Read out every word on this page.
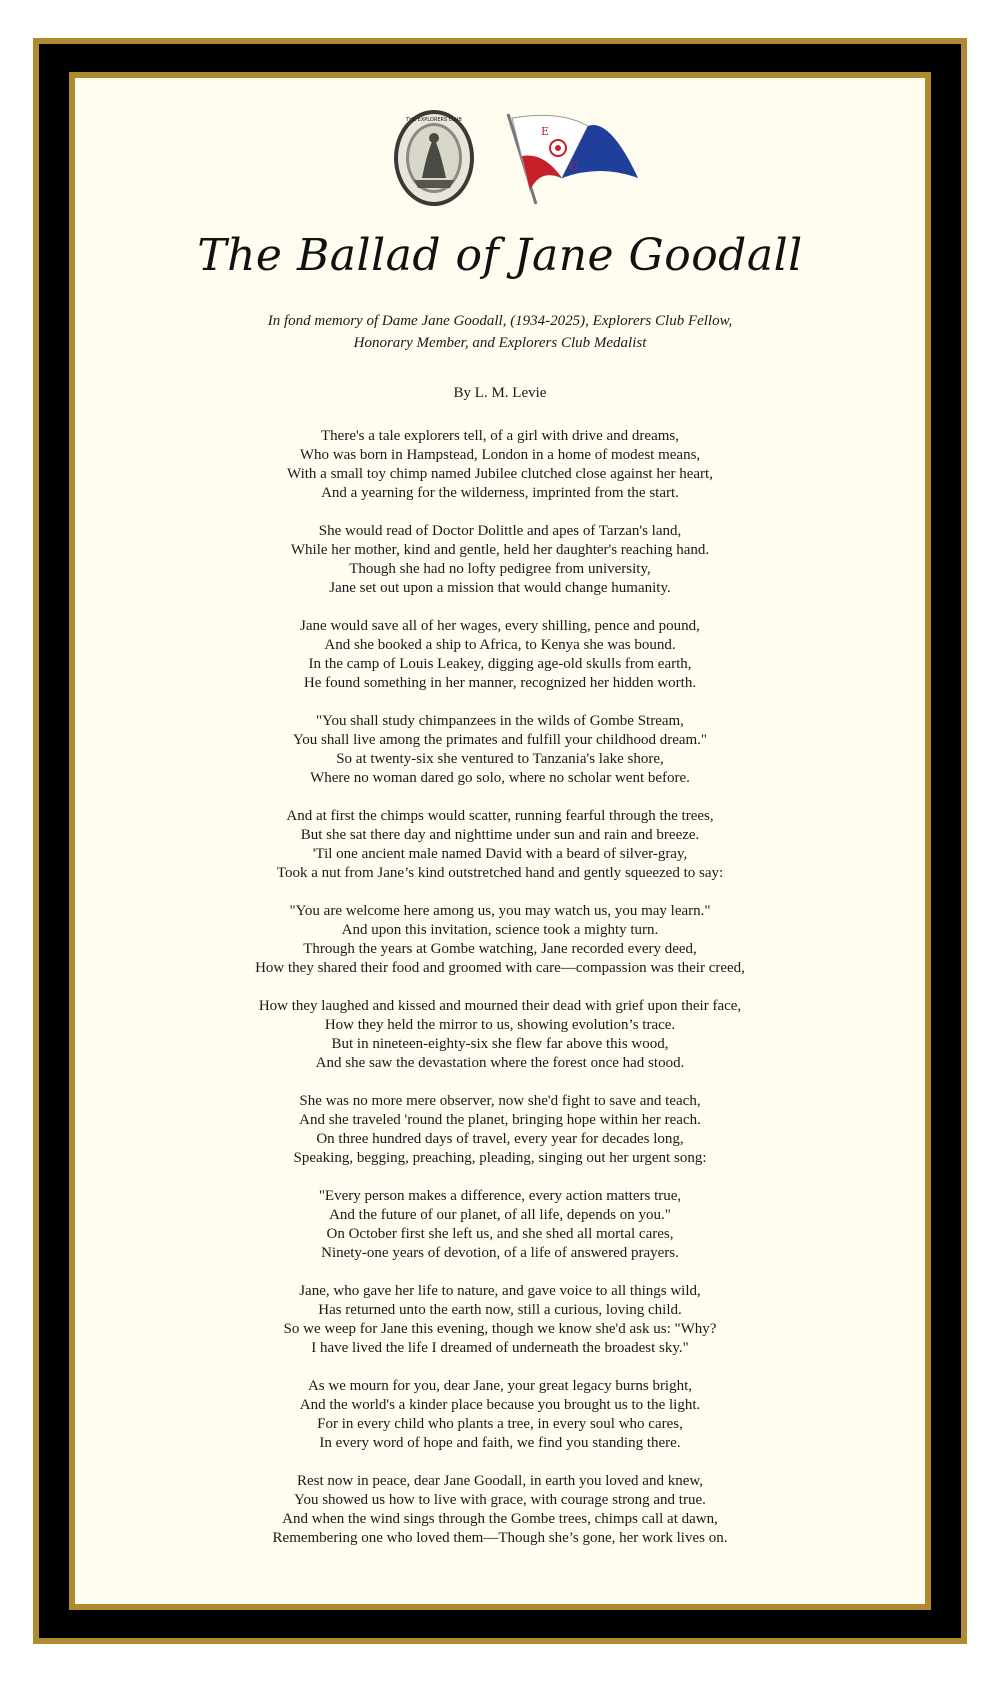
THE EXPLORERS CLUB
E
C
The Ballad of Jane Goodall
In fond memory of Dame Jane Goodall, (1934-2025), Explorers Club Fellow,
Honorary Member, and Explorers Club Medalist
By L. M. Levie
There's a tale explorers tell, of a girl with drive and dreams,
Who was born in Hampstead, London in a home of modest means,
With a small toy chimp named Jubilee clutched close against her heart,
And a yearning for the wilderness, imprinted from the start.
She would read of Doctor Dolittle and apes of Tarzan's land,
While her mother, kind and gentle, held her daughter's reaching hand.
Though she had no lofty pedigree from university,
Jane set out upon a mission that would change humanity.
Jane would save all of her wages, every shilling, pence and pound,
And she booked a ship to Africa, to Kenya she was bound.
In the camp of Louis Leakey, digging age-old skulls from earth,
He found something in her manner, recognized her hidden worth.
"You shall study chimpanzees in the wilds of Gombe Stream,
You shall live among the primates and fulfill your childhood dream."
So at twenty-six she ventured to Tanzania's lake shore,
Where no woman dared go solo, where no scholar went before.
And at first the chimps would scatter, running fearful through the trees,
But she sat there day and nighttime under sun and rain and breeze.
'Til one ancient male named David with a beard of silver-gray,
Took a nut from Jane’s kind outstretched hand and gently squeezed to say:
"You are welcome here among us, you may watch us, you may learn."
And upon this invitation, science took a mighty turn.
Through the years at Gombe watching, Jane recorded every deed,
How they shared their food and groomed with care—compassion was their creed,
How they laughed and kissed and mourned their dead with grief upon their face,
How they held the mirror to us, showing evolution’s trace.
But in nineteen-eighty-six she flew far above this wood,
And she saw the devastation where the forest once had stood.
She was no more mere observer, now she'd fight to save and teach,
And she traveled 'round the planet, bringing hope within her reach.
On three hundred days of travel, every year for decades long,
Speaking, begging, preaching, pleading, singing out her urgent song:
"Every person makes a difference, every action matters true,
And the future of our planet, of all life, depends on you."
On October first she left us, and she shed all mortal cares,
Ninety-one years of devotion, of a life of answered prayers.
Jane, who gave her life to nature, and gave voice to all things wild,
Has returned unto the earth now, still a curious, loving child.
So we weep for Jane this evening, though we know she'd ask us: "Why?
I have lived the life I dreamed of underneath the broadest sky."
As we mourn for you, dear Jane, your great legacy burns bright,
And the world's a kinder place because you brought us to the light.
For in every child who plants a tree, in every soul who cares,
In every word of hope and faith, we find you standing there.
Rest now in peace, dear Jane Goodall, in earth you loved and knew,
You showed us how to live with grace, with courage strong and true.
And when the wind sings through the Gombe trees, chimps call at dawn,
Remembering one who loved them—Though she’s gone, her work lives on.
